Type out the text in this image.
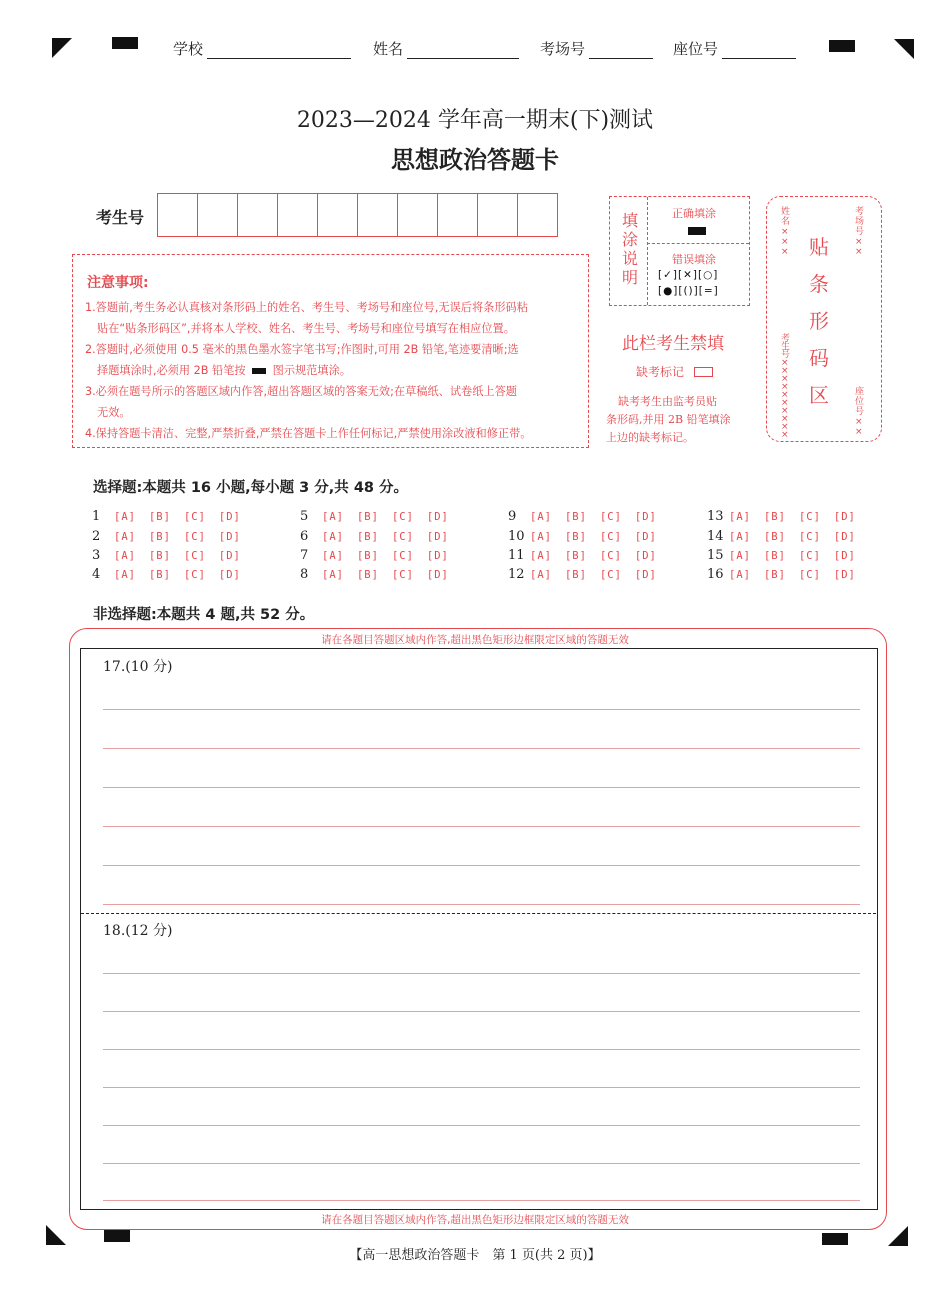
学校	姓名	考场号	座位号
2023—2024 学年高一期末(下)测试
思想政治答题卡
考生号
注意事项:

1.答题前,考生务必认真核对条形码上的姓名、考生号、考场号和座位号,无误后将条形码粘

贴在“贴条形码区”,并将本人学校、姓名、考生号、考场号和座位号填写在相应位置。

2.答题时,必须使用 0.5 毫米的黑色墨水签字笔书写;作图时,可用 2B 铅笔,笔迹要清晰;选

择题填涂时,必须用 2B 铅笔按 图示规范填涂。

3.必须在题号所示的答题区域内作答,超出答题区域的答案无效;在草稿纸、试卷纸上答题

无效。

4.保持答题卡清洁、完整,严禁折叠,严禁在答题卡上作任何标记,严禁使用涂改液和修正带。

填
涂
说
明
正确填涂
错误填涂
[✓][✕][○]
[●][()][=]
此栏考生禁填
缺考标记
缺考考生由监考员贴
条形码,并用 2B 铅笔填涂
上边的缺考标记。
姓名×××
考场号××
考生号××××××××××
座位号××
贴
条
形
码
区
选择题:本题共 16 小题,每小题 3 分,共 48 分。
1	[A] [B] [C] [D]
2	[A] [B] [C] [D]
3	[A] [B] [C] [D]
4	[A] [B] [C] [D]
5	[A] [B] [C] [D]
6	[A] [B] [C] [D]
7	[A] [B] [C] [D]
8	[A] [B] [C] [D]
9	[A] [B] [C] [D]
10 [A] [B] [C] [D]
11 [A] [B] [C] [D]
12 [A] [B] [C] [D]
13 [A] [B] [C] [D]
14 [A] [B] [C] [D]
15 [A] [B] [C] [D]
16 [A] [B] [C] [D]
非选择题:本题共 4 题,共 52 分。
请在各题目答题区域内作答,超出黑色矩形边框限定区域的答题无效
17.(10 分)
18.(12 分)
请在各题目答题区域内作答,超出黑色矩形边框限定区域的答题无效
【高一思想政治答题卡　第 1 页(共 2 页)】
